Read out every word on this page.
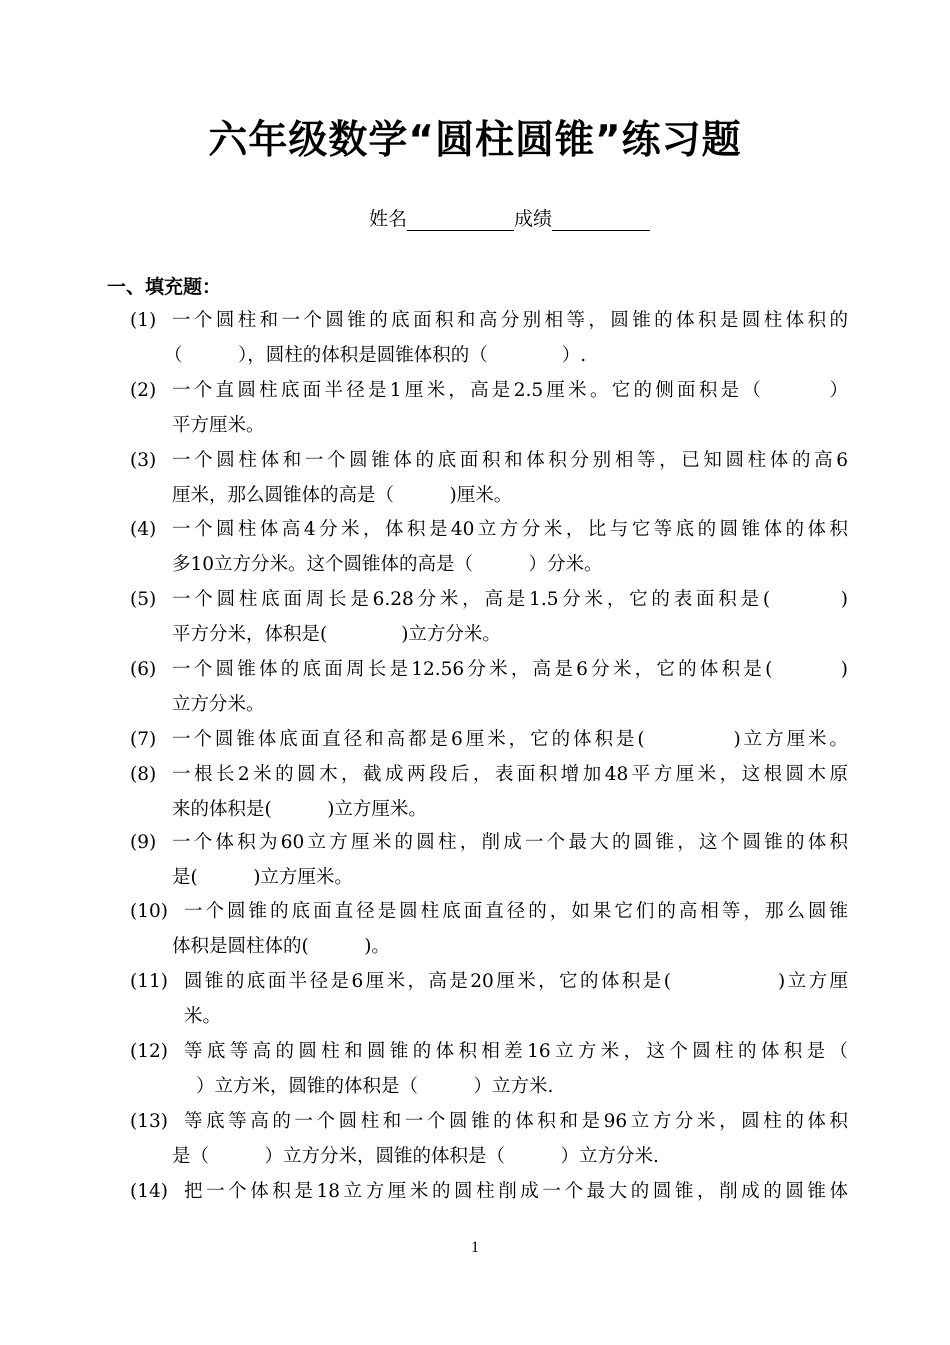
六年级数学“圆柱圆锥”练习题
姓名	成绩
一、填充题：
(1) 一个圆柱和一个圆锥的底面积和高分别相等，圆锥的体积是圆柱体积的
（　　　），圆柱的体积是圆锥体积的（　　　　）.
(2) 一个直圆柱底面半径是1厘米，高是2.5厘米。它的侧面积是（　　　）
平方厘米。
(3) 一个圆柱体和一个圆锥体的底面积和体积分别相等，已知圆柱体的高6
厘米，那么圆锥体的高是（　　　)厘米。
(4) 一个圆柱体高4分米，体积是40立方分米，比与它等底的圆锥体的体积
多10立方分米。这个圆锥体的高是（　　　）分米。
(5) 一个圆柱底面周长是6.28分米，高是1.5分米，它的表面积是(　　　)
平方分米，体积是(　　　　)立方分米。
(6) 一个圆锥体的底面周长是12.56分米，高是6分米，它的体积是(　　　)
立方分米。
(7) 一个圆锥体底面直径和高都是6厘米，它的体积是(　　　　)立方厘米。
(8) 一根长2米的圆木，截成两段后，表面积增加48平方厘米，这根圆木原
来的体积是(　　　)立方厘米。
(9) 一个体积为60立方厘米的圆柱，削成一个最大的圆锥，这个圆锥的体积
是(　　　)立方厘米。
(10) 一个圆锥的底面直径是圆柱底面直径的，如果它们的高相等，那么圆锥
体积是圆柱体的(　　　)。
(11) 圆锥的底面半径是6厘米，高是20厘米，它的体积是(　　　　　)立方厘
米。
(12) 等底等高的圆柱和圆锥的体积相差16立方米，这个圆柱的体积是（
）立方米，圆锥的体积是（　　　）立方米.
(13) 等底等高的一个圆柱和一个圆锥的体积和是96立方分米，圆柱的体积
是（　　　）立方分米，圆锥的体积是（　　　）立方分米.
(14) 把一个体积是18立方厘米的圆柱削成一个最大的圆锥，削成的圆锥体
1
